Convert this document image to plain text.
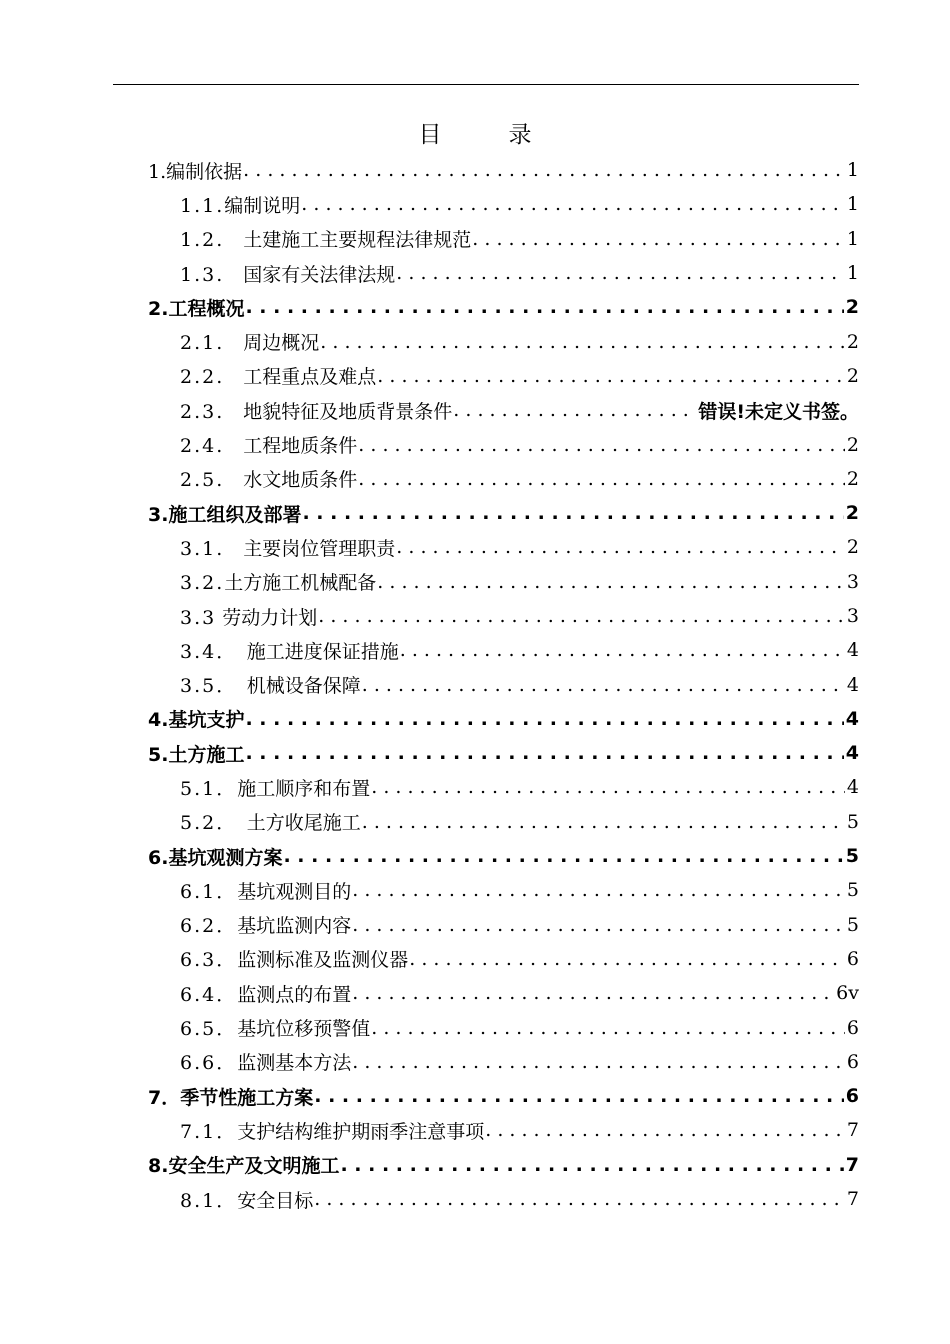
目　录
1.编制依据 . . .	1
1.1.编制说明 . . .	1
1.2.　土建施工主要规程法律规范 . . .	1
1.3.　国家有关法律法规 . . .	1
2.工程概况 . . .	2
2.1.　周边概况 . . .	2
2.2.　工程重点及难点 . . .	2
2.3.　地貌特征及地质背景条件 . . .	错误!未定义书签。
2.4.　工程地质条件 . . .	2
2.5.　水文地质条件 . . .	2
3.施工组织及部署 . . .	2
3.1.　主要岗位管理职责 . . .	2
3.2.土方施工机械配备 . . .	3
3.3 劳动力计划 . . .	3
3.4．　施工进度保证措施 . . .	4
3.5．　机械设备保障 . . .	4
4.基坑支护 . . .	4
5.土方施工 . . .	4
5.1．施工顺序和布置 . . .	4
5.2．　土方收尾施工 . . .	5
6.基坑观测方案 . . .	5
6.1．基坑观测目的 . . .	5
6.2．基坑监测内容 . . .	5
6.3．监测标准及监测仪器 . . .	6
6.4．监测点的布置 . . .	6v
6.5．基坑位移预警值 . . .	6
6.6．监测基本方法 . . .	6
7．季节性施工方案 . . .	6
7.1．支护结构维护期雨季注意事项 . . .	7
8.安全生产及文明施工 . . .	7
8.1．安全目标 . . .	7
